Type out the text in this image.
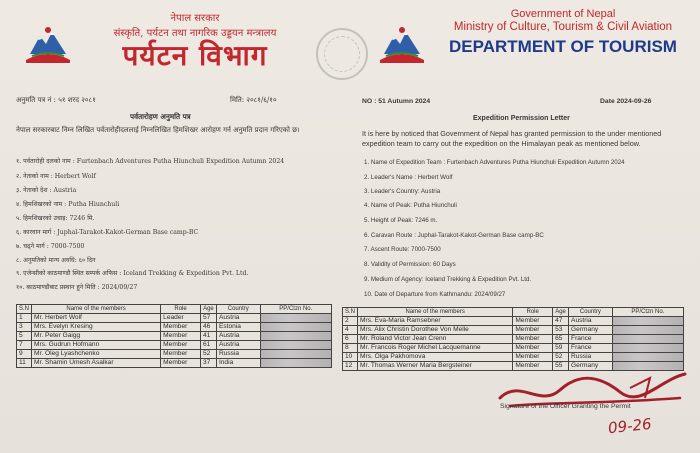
नेपाल सरकार
संस्कृति, पर्यटन तथा नागरिक उड्डयन मन्त्रालय
पर्यटन विभाग
Government of Nepal
Ministry of Culture, Tourism & Civil Aviation
DEPARTMENT OF TOURISM
अनुमति पत्र नं : ५१ शरद २०८१	मिति: २०८१/६/१०	NO : 51 Autumn 2024	Date 2024-09-26
पर्वतारोहण अनुमति पत्र	Expedition Permission Letter
नेपाल सरकारबाट निम्न लिखित पर्वतारोहीदललाई निम्नलिखित हिमशिखर आरोहण गर्न अनुमति प्रदान गरिएको छ।	It is here by noticed that Government of Nepal has granted permission to the under mentioned expedition team to carry out the expedition on the Himalayan peak as mentioned below.
१. पर्वतारोही दलको नाम : Furtenbach Adventures Putha Hiunchuli Expedition Autumn 2024
२. नेताको नाम : Herbert Wolf
३. नेताको देश : Austria
४. हिमशिखरको नाम : Putha Hiunchuli
५. हिमशिखरको उचाइ: 7246 मि.
६. कारवान मार्ग : Juphal-Tarakot-Kakot-German Base camp-BC
७. चढ्ने मार्ग : 7000-7500
८. अनुमतिको मान्य अवधि: ६० दिन
९. एजेन्सीको काठमाण्डौ स्थित सम्पर्क अफिस : Iceland Trekking & Expedition Pvt. Ltd.
१०. काठमाण्डौबाट प्रस्थान हुने मिति : 2024/09/27
1. Name of Expedition Team : Furtenbach Adventures Putha Hiunchuli Expedition Autumn 2024
2. Leader's Name : Herbert Wolf
3. Leader's Country: Austria
4. Name of Peak: Putha Hiunchuli
5. Height of Peak: 7246 m.
6. Caravan Route : Juphal-Tarakot-Kakot-German Base camp-BC
7. Ascent Route: 7000-7500
8. Validity of Permission: 60 Days
9. Medium of Agency: Iceland Trekking & Expedition Pvt. Ltd.
10. Date of Departure from Kathmandu: 2024/09/27
S.N	Name of the members	Role	Age	Country	PP/Ctzn No.
1	Mr. Herbert Wolf	Leader	57	Austria	
3	Mrs. Evelyn Kresing	Member	46	Estonia	
5	Mr. Peter Gaigg	Member	41	Austria	
7	Mrs. Gudrun Hofmann	Member	61	Austria	
9	Mr. Oleg Lyashchenko	Member	52	Russia	
11	Mr. Shamin Umesh Asalkar	Member	37	India	
S.N	Name of the members	Role	Age	Country	PP/Ctzn No.
2	Mrs. Eva-Maria Ramsebner	Member	47	Austria	
4	Mrs. Alix Christin Dorothee Von Melle	Member	53	Germany	
6	Mr. Roland Victor Jean Crenn	Member	65	France	
8	Mr. Francois Roger Michel Lacquemanne	Member	59	France	
10	Mrs. Olga Pakhomova	Member	52	Russia	
12	Mr. Thomas Werner Maria Bergsteiner	Member	55	Germany	
Signature of the Officer Granting the Permit
09-26
